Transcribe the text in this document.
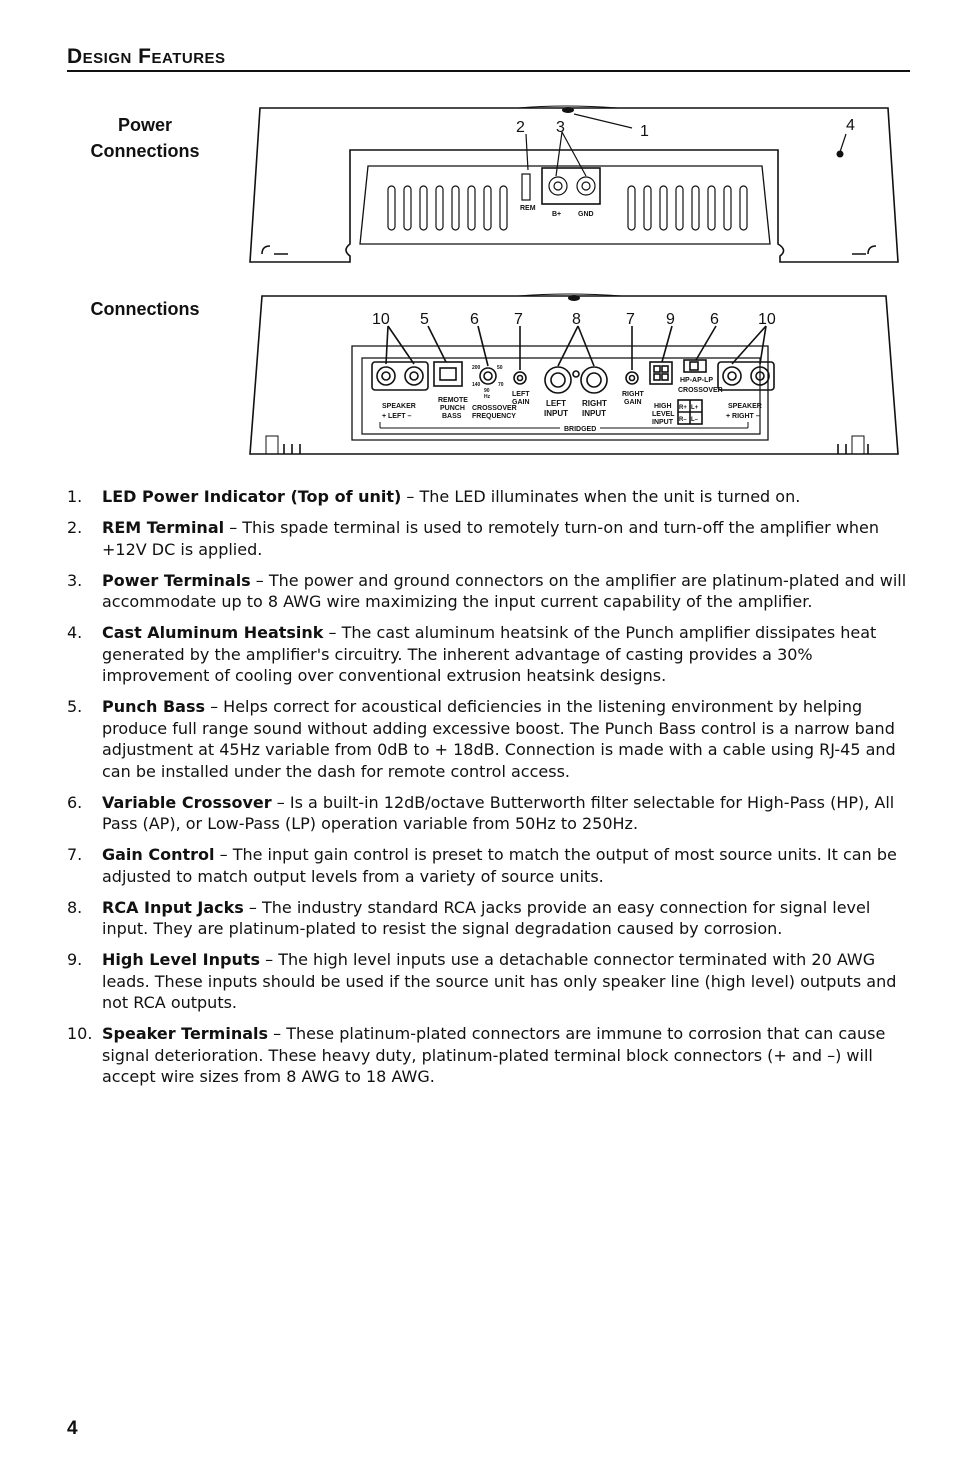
Design Features
Power
Connections
Connections
2 3	1	4
REM
B+ GND
10 5	6 7	8	7 9 6 10
SPEAKER
+ LEFT –
REMOTE
PUNCH
BASS
CROSSOVER
FREQUENCY
Hz
200	50
140	70
90	LEFT
GAIN LEFT
INPUT
RIGHT
INPUT
RIGHT
GAIN
HIGH
LEVEL
INPUT
HP-AP-LP
CROSSOVER
R+ L+
R– L–
SPEAKER
+ RIGHT –
BRIDGED
1. LED Power Indicator (Top of unit) – The LED illuminates when the unit is turned on.
2. REM Terminal – This spade terminal is used to remotely turn-on and turn-off the amplifier when +12V DC is applied.
3. Power Terminals – The power and ground connectors on the amplifier are platinum-plated and will accommodate up to 8 AWG wire maximizing the input current capability of the amplifier.
4. Cast Aluminum Heatsink – The cast aluminum heatsink of the Punch amplifier dissipates heat generated by the amplifier's circuitry. The inherent advantage of casting provides a 30% improvement of cooling over conventional extrusion heatsink designs.
5. Punch Bass – Helps correct for acoustical deficiencies in the listening environment by helping produce full range sound without adding excessive boost. The Punch Bass control is a narrow band adjustment at 45Hz variable from 0dB to + 18dB. Connection is made with a cable using RJ-45 and can be installed under the dash for remote control access.
6. Variable Crossover – Is a built-in 12dB/octave Butterworth filter selectable for High-Pass (HP), All Pass (AP), or Low-Pass (LP) operation variable from 50Hz to 250Hz.
7. Gain Control – The input gain control is preset to match the output of most source units. It can be adjusted to match output levels from a variety of source units.
8. RCA Input Jacks – The industry standard RCA jacks provide an easy connection for signal level input. They are platinum-plated to resist the signal degradation caused by corrosion.
9. High Level Inputs – The high level inputs use a detachable connector terminated with 20 AWG leads. These inputs should be used if the source unit has only speaker line (high level) outputs and not RCA outputs.
10. Speaker Terminals – These platinum-plated connectors are immune to corrosion that can cause signal deterioration. These heavy duty, platinum-plated terminal block connectors (+ and –) will accept wire sizes from 8 AWG to 18 AWG.
4
